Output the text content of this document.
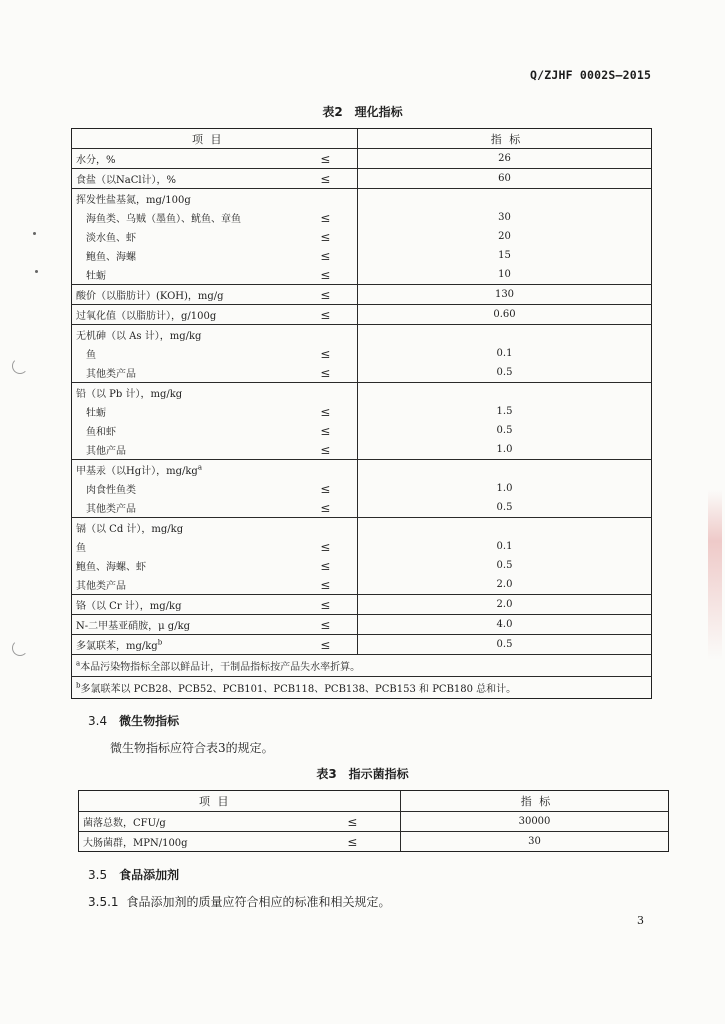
Q/ZJHF 0002S—2015
表2 理化指标
项 目		指 标
水分，%	≤	26
食盐（以NaCl计），%	≤	60
挥发性盐基氮，mg/100g		
海鱼类、乌贼（墨鱼）、鱿鱼、章鱼	≤	30
淡水鱼、虾	≤	20
鲍鱼、海螺	≤	15
牡蛎	≤	10
酸价（以脂肪计）(KOH)，mg/g	≤	130
过氧化值（以脂肪计），g/100g	≤	0.60
无机砷（以 As 计），mg/kg		
鱼	≤	0.1
其他类产品	≤	0.5
铅（以 Pb 计），mg/kg		
牡蛎	≤	1.5
鱼和虾	≤	0.5
其他产品	≤	1.0
甲基汞（以Hg计），$mg/kg^a$		
肉食性鱼类	≤	1.0
其他类产品	≤	0.5
镉（以 Cd 计），mg/kg		
鱼	≤	0.1
鲍鱼、海螺、虾	≤	0.5
其他类产品	≤	2.0
铬（以 Cr 计），mg/kg	≤	2.0
N-二甲基亚硝胺，μ g/kg	≤	4.0
多氯联苯，$mg/kg^b$	≤	0.5
$^a$本品污染物指标全部以鲜品计，干制品指标按产品失水率折算。		
$^b$多氯联苯以 PCB28、PCB52、PCB101、PCB118、PCB138、PCB153 和 PCB180 总和计。		
3.4 微生物指标
微生物指标应符合表3的规定。
表3 指示菌指标
项 目		指 标
菌落总数，CFU/g	≤	30000
大肠菌群，MPN/100g	≤	30
3.5 食品添加剂
3.5.1 食品添加剂的质量应符合相应的标准和相关规定。
3
